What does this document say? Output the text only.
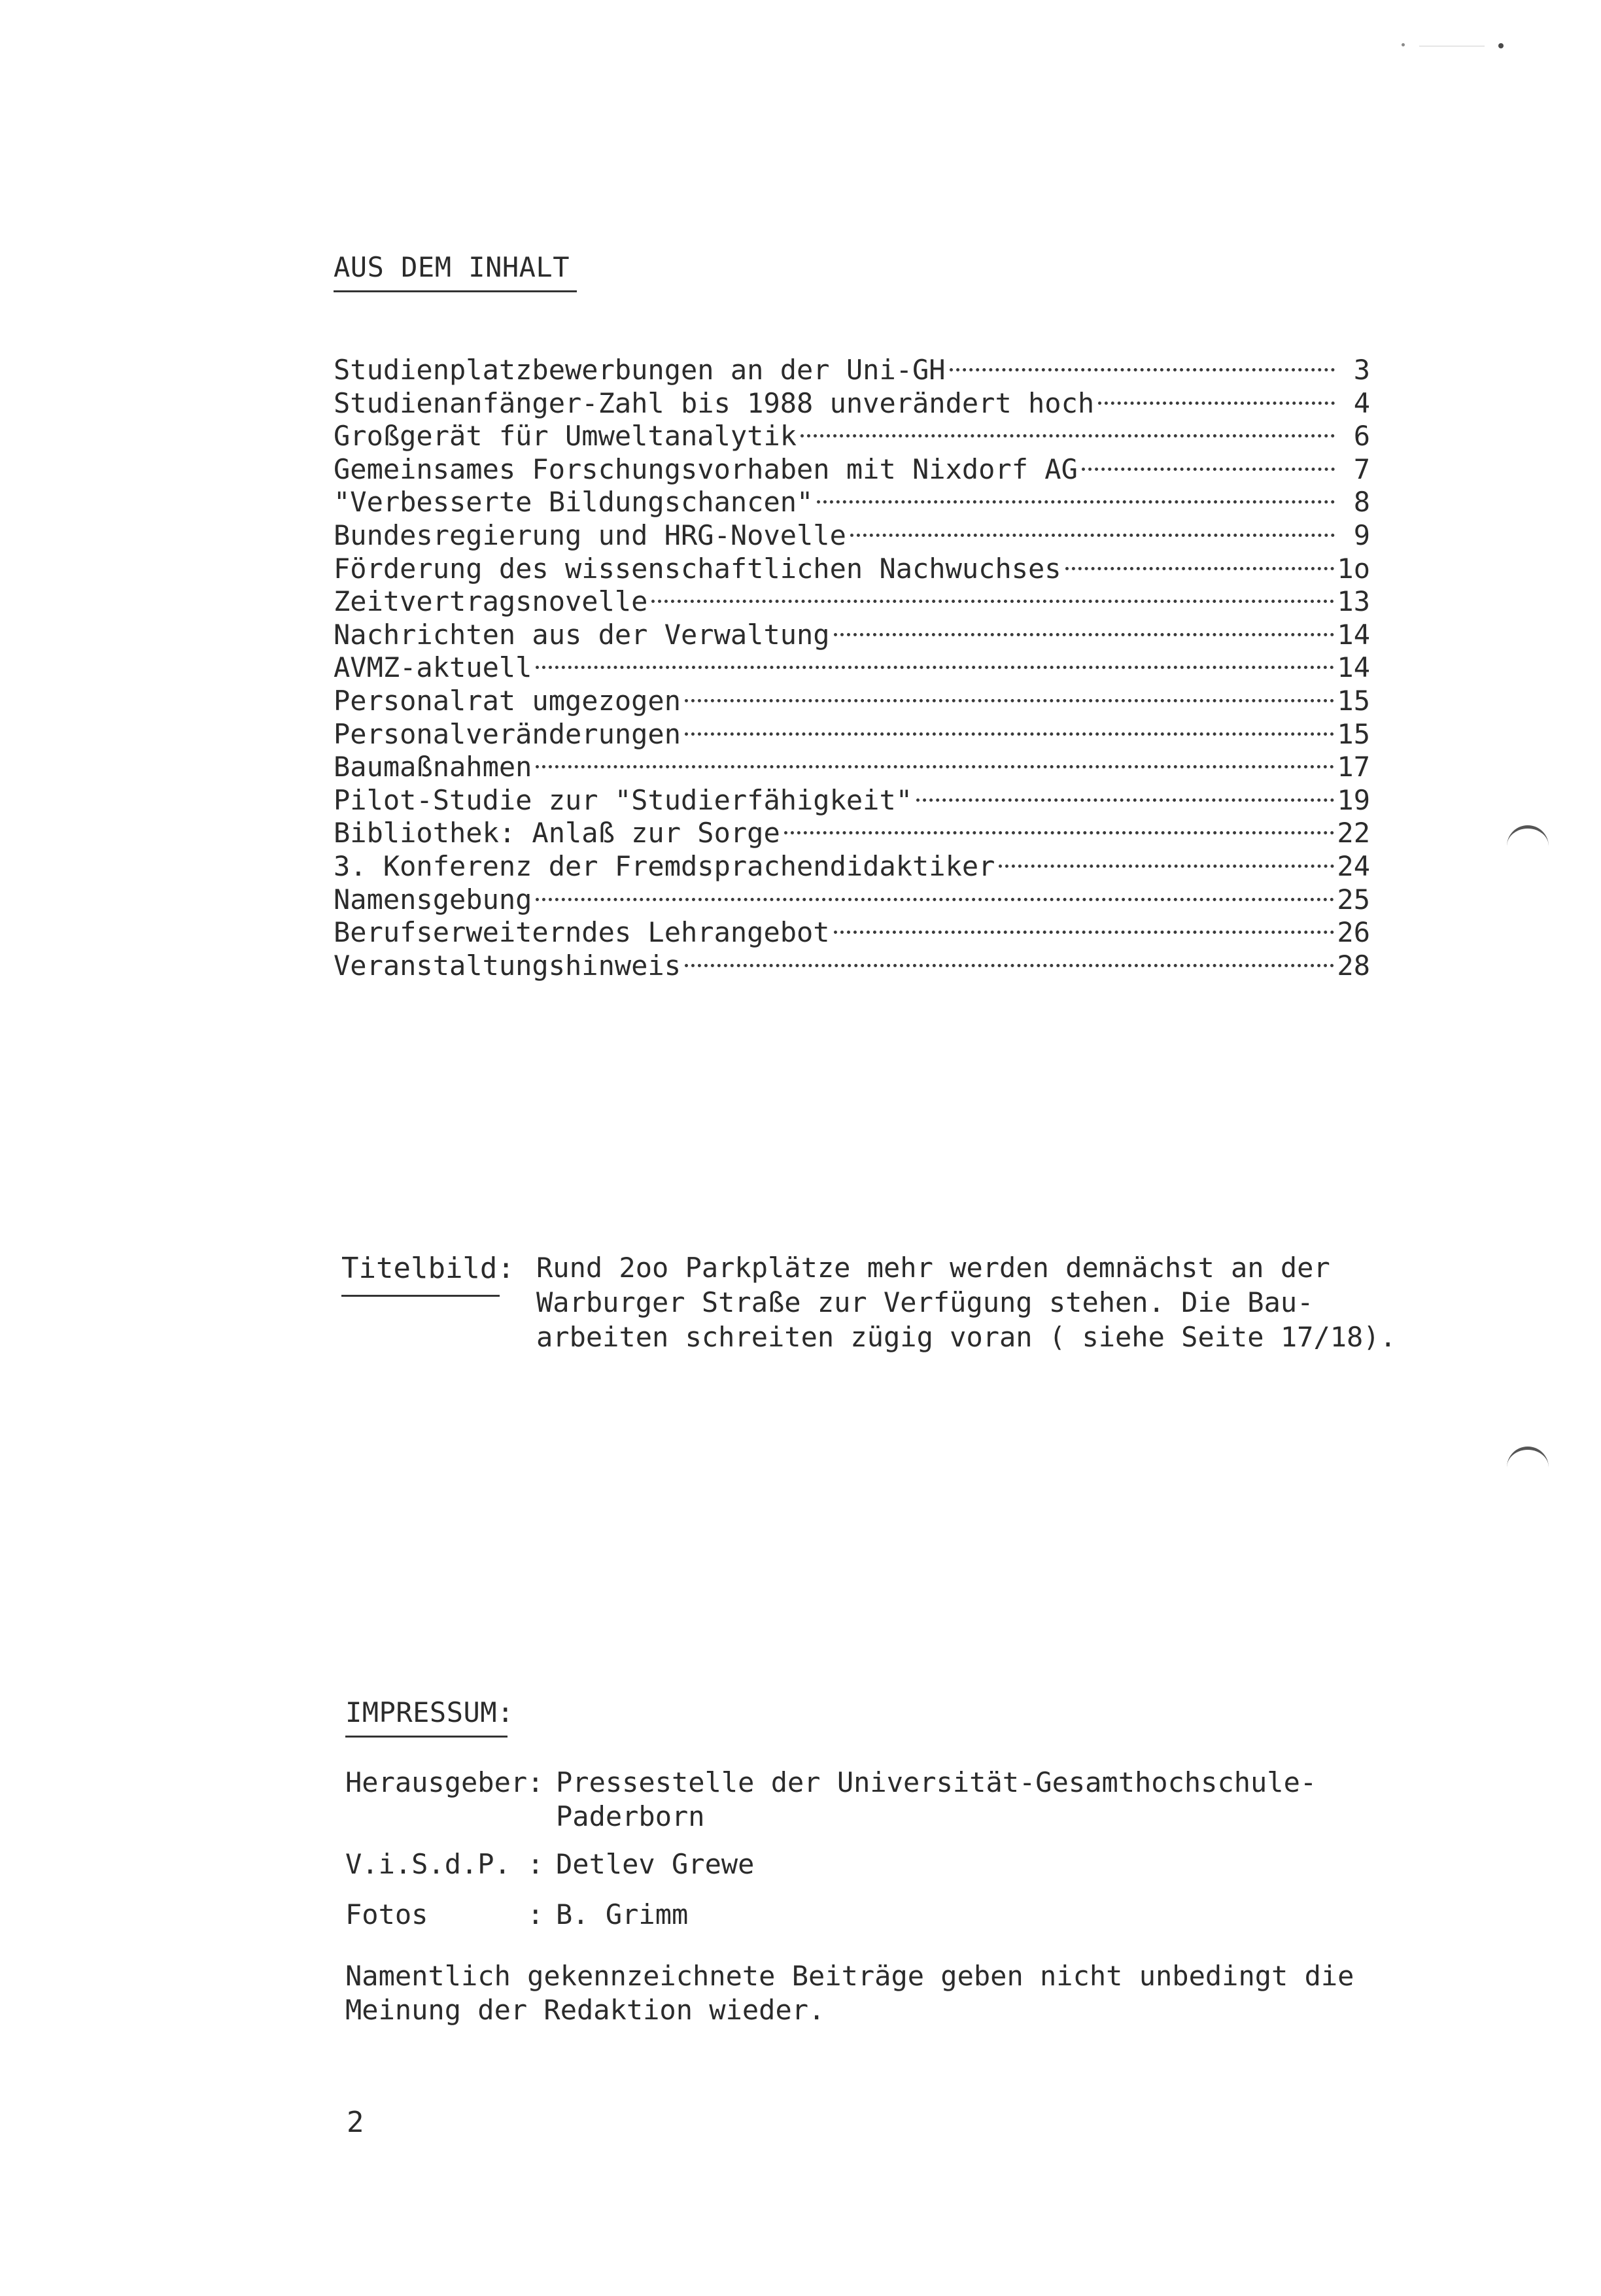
AUS DEM INHALT
Studienplatzbewerbungen an der Uni-GH	3
Studienanfänger-Zahl bis 1988 unverändert hoch	4
Großgerät für Umweltanalytik	6
Gemeinsames Forschungsvorhaben mit Nixdorf AG	7
"Verbesserte Bildungschancen"	8
Bundesregierung und HRG-Novelle	9
Förderung des wissenschaftlichen Nachwuchses	1o
Zeitvertragsnovelle	13
Nachrichten aus der Verwaltung	14
AVMZ-aktuell	14
Personalrat umgezogen	15
Personalveränderungen	15
Baumaßnahmen	17
Pilot-Studie zur "Studierfähigkeit"	19
Bibliothek: Anlaß zur Sorge	22
3. Konferenz der Fremdsprachendidaktiker	24
Namensgebung	25
Berufserweiterndes Lehrangebot	26
Veranstaltungshinweis	28
Titelbild: Rund 2oo Parkplätze mehr werden demnächst an der
Warburger Straße zur Verfügung stehen. Die Bau-
arbeiten schreiten zügig voran ( siehe Seite 17/18).

IMPRESSUM:
Herausgeber: Pressestelle der Universität-Gesamthochschule-
Paderborn
V.i.S.d.P. : Detlev Grewe
Fotos      : B. Grimm

Namentlich gekennzeichnete Beiträge geben nicht unbedingt die
Meinung der Redaktion wieder.

2
